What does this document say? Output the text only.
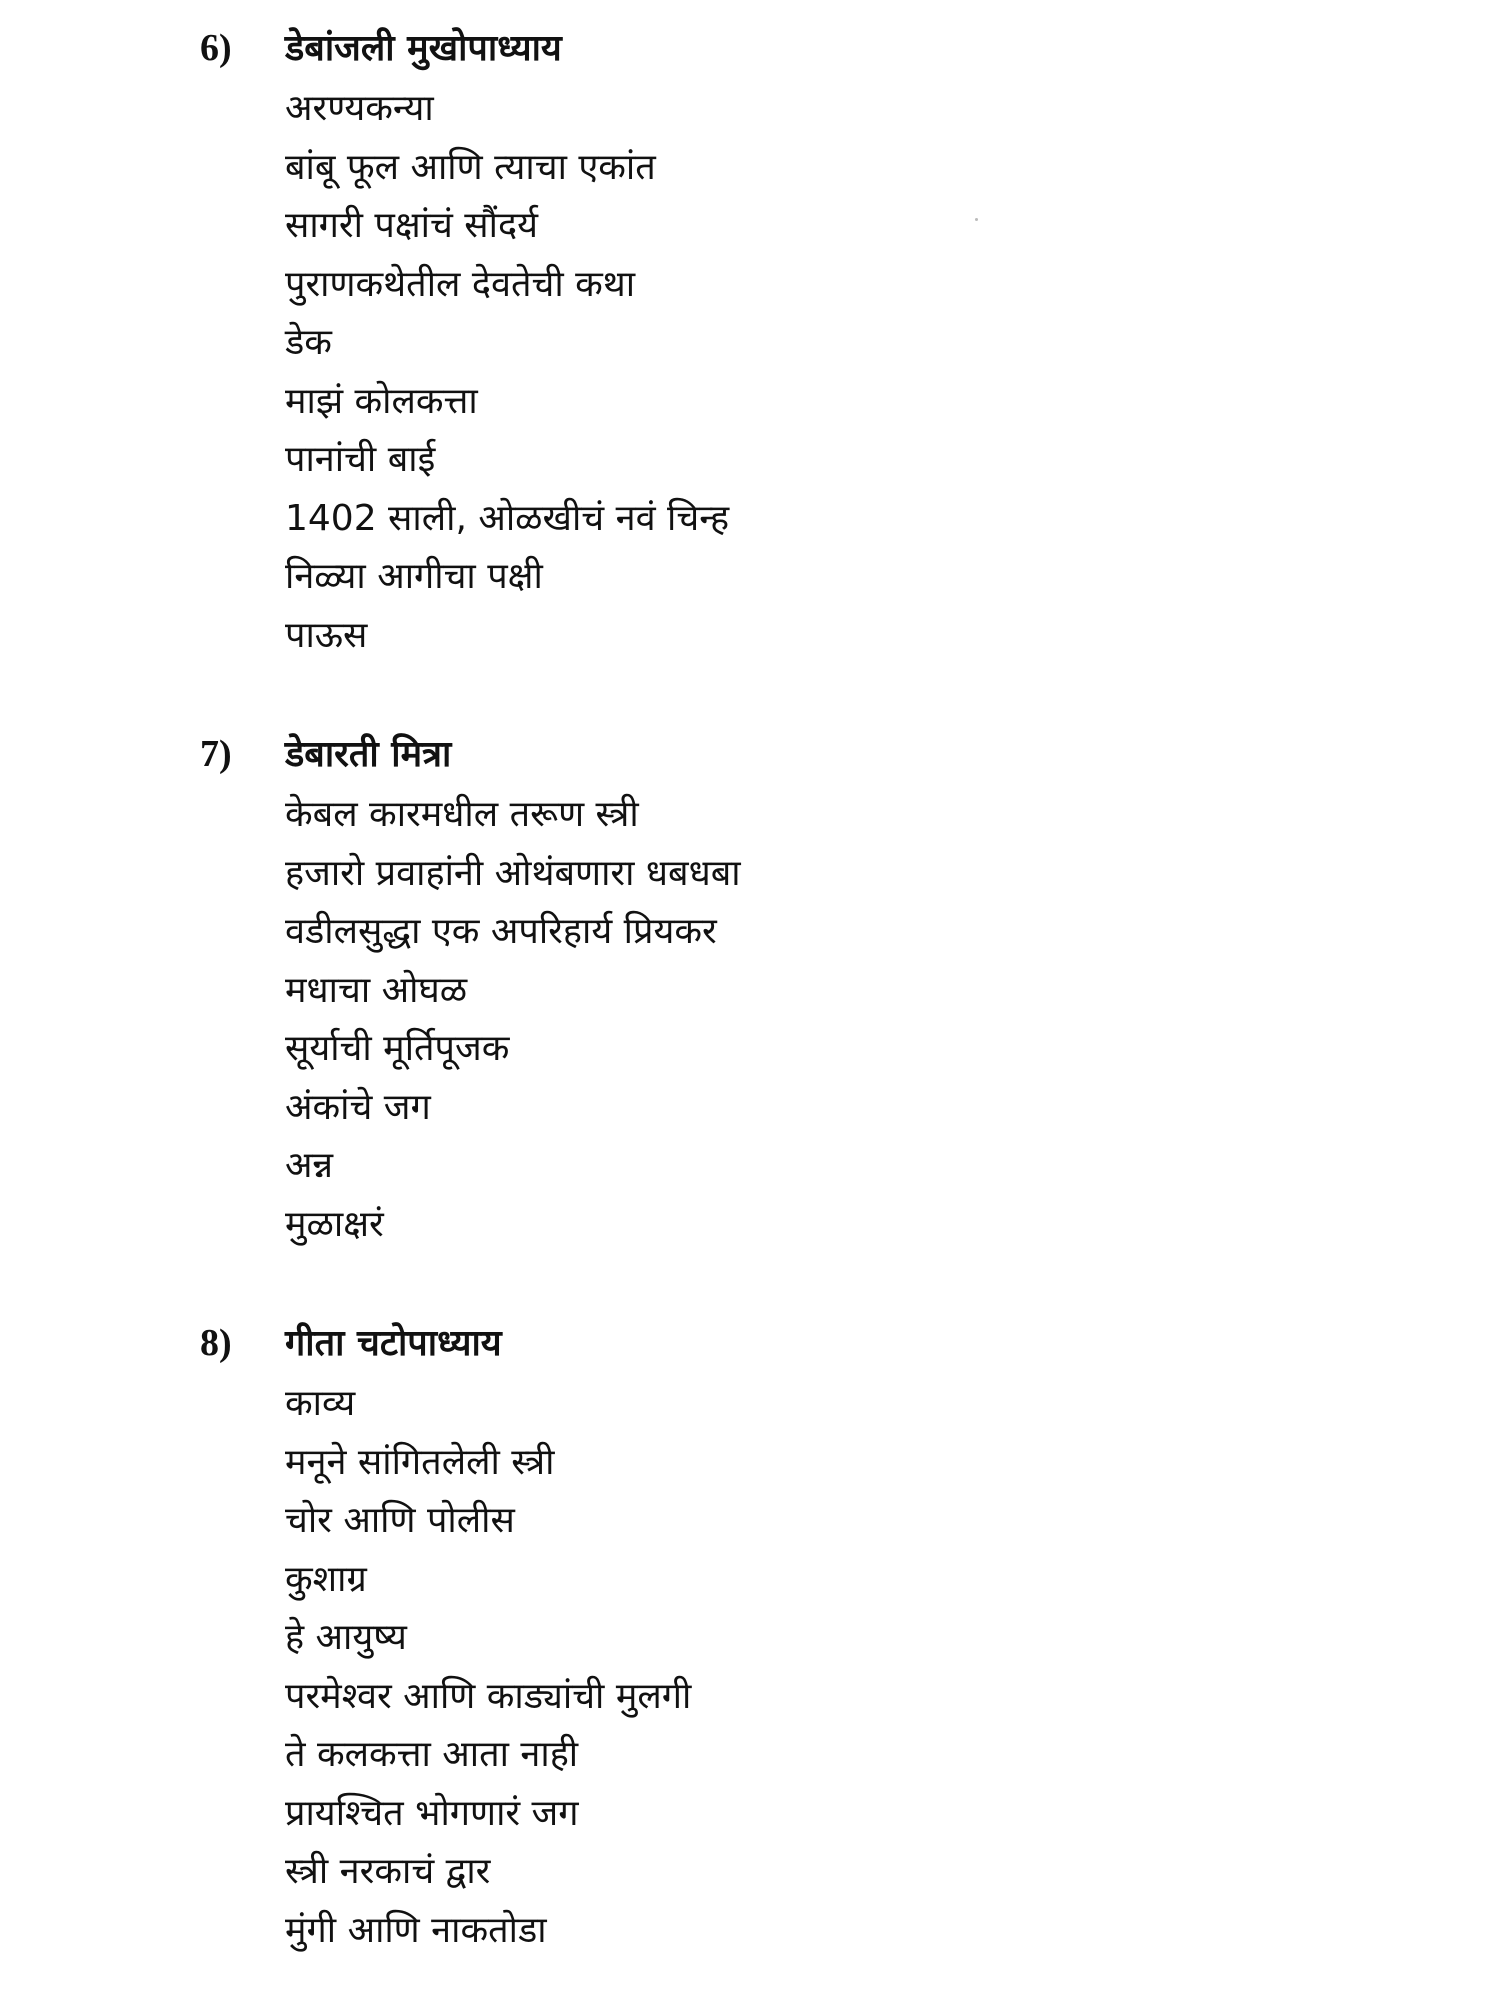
6)	डेबांजली मुखोपाध्याय
अरण्यकन्या
बांबू फूल आणि त्याचा एकांत
सागरी पक्षांचं सौंदर्य
पुराणकथेतील देवतेची कथा
डेक
माझं कोलकत्ता
पानांची बाई
1402 साली, ओळखीचं नवं चिन्ह
निळ्या आगीचा पक्षी
पाऊस
7)	डेबारती मित्रा
केबल कारमधील तरूण स्त्री
हजारो प्रवाहांनी ओथंबणारा धबधबा
वडीलसुद्धा एक अपरिहार्य प्रियकर
मधाचा ओघळ
सूर्याची मूर्तिपूजक
अंकांचे जग
अन्न
मुळाक्षरं
8)	गीता चटोपाध्याय
काव्य
मनूने सांगितलेली स्त्री
चोर आणि पोलीस
कुशाग्र
हे आयुष्य
परमेश्वर आणि काड्यांची मुलगी
ते कलकत्ता आता नाही
प्रायश्चित भोगणारं जग
स्त्री नरकाचं द्वार
मुंगी आणि नाकतोडा
